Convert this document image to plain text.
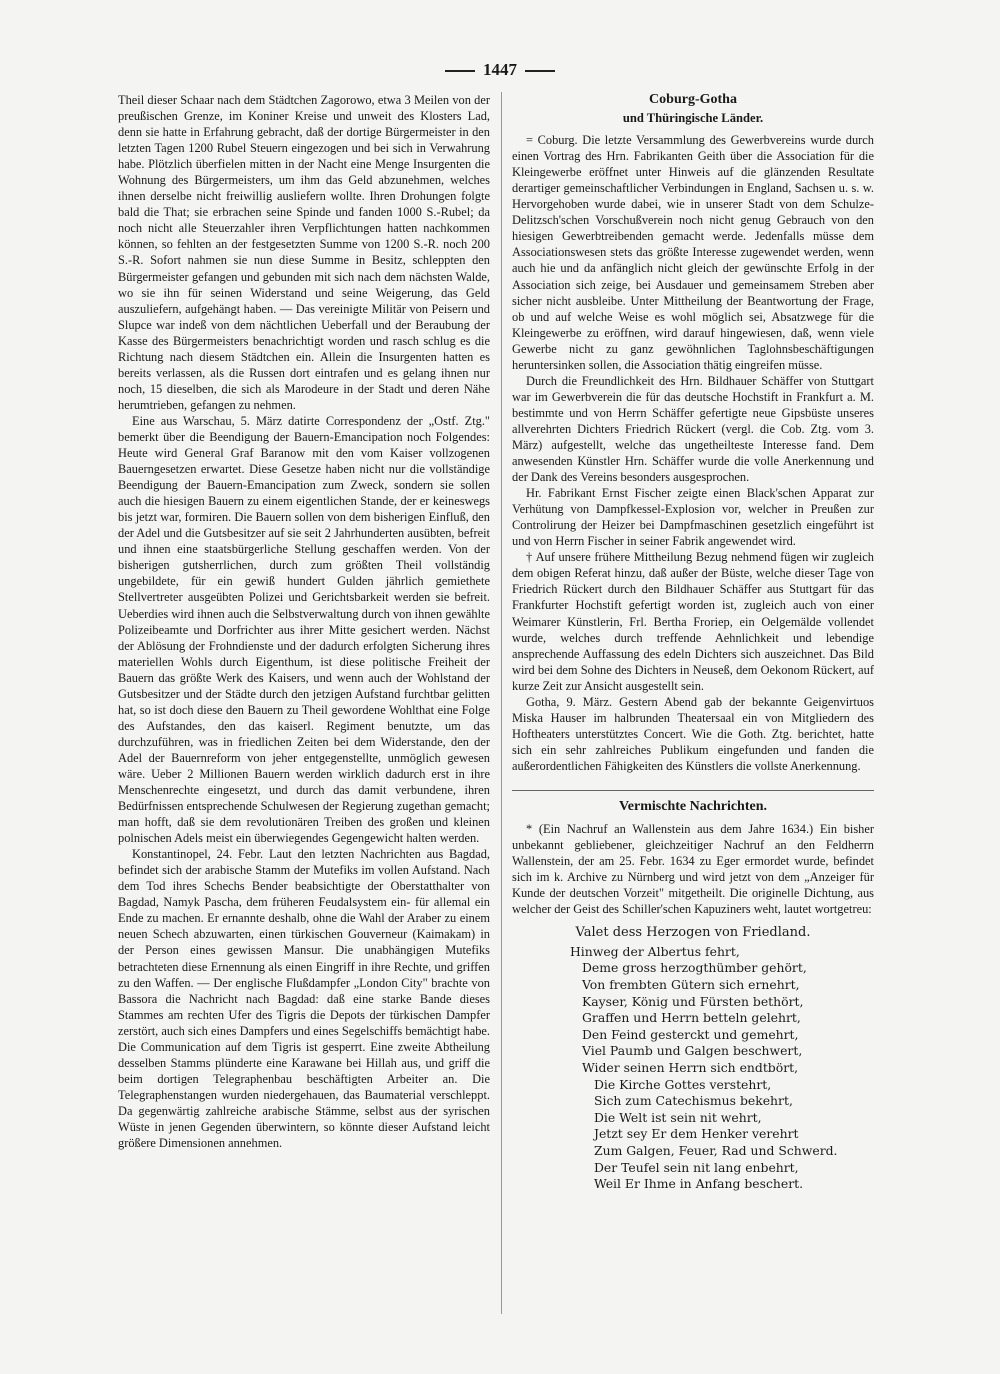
1447

Theil dieser Schaar nach dem Städtchen Zagorowo, etwa 3 Meilen von der preußischen Grenze, im Koniner Kreise und unweit des Klosters Lad, denn sie hatte in Erfahrung gebracht, daß der dortige Bürgermeister in den letzten Tagen 1200 Rubel Steuern eingezogen und bei sich in Verwahrung habe. Plötzlich überfielen mitten in der Nacht eine Menge Insurgenten die Wohnung des Bürgermeisters, um ihm das Geld abzunehmen, welches ihnen derselbe nicht freiwillig ausliefern wollte. Ihren Drohungen folgte bald die That; sie erbrachen seine Spinde und fanden 1000 S.-Rubel; da noch nicht alle Steuerzahler ihren Verpflichtungen hatten nachkommen können, so fehlten an der festgesetzten Summe von 1200 S.-R. noch 200 S.-R. Sofort nahmen sie nun diese Summe in Besitz, schleppten den Bürgermeister gefangen und gebunden mit sich nach dem nächsten Walde, wo sie ihn für seinen Widerstand und seine Weigerung, das Geld auszuliefern, aufgehängt haben. — Das vereinigte Militär von Peisern und Slupce war indeß von dem nächtlichen Ueberfall und der Beraubung der Kasse des Bürgermeisters benachrichtigt worden und rasch schlug es die Richtung nach diesem Städtchen ein. Allein die Insurgenten hatten es bereits verlassen, als die Russen dort eintrafen und es gelang ihnen nur noch, 15 dieselben, die sich als Marodeure in der Stadt und deren Nähe herumtrieben, gefangen zu nehmen.

Eine aus Warschau, 5. März datirte Correspondenz der „Ostf. Ztg." bemerkt über die Beendigung der Bauern-Emancipation noch Folgendes: Heute wird General Graf Baranow mit den vom Kaiser vollzogenen Bauerngesetzen erwartet. Diese Gesetze haben nicht nur die vollständige Beendigung der Bauern-Emancipation zum Zweck, sondern sie sollen auch die hiesigen Bauern zu einem eigentlichen Stande, der er keineswegs bis jetzt war, formiren. Die Bauern sollen von dem bisherigen Einfluß, den der Adel und die Gutsbesitzer auf sie seit 2 Jahrhunderten ausübten, befreit und ihnen eine staatsbürgerliche Stellung geschaffen werden. Von der bisherigen gutsherrlichen, durch zum größten Theil vollständig ungebildete, für ein gewiß hundert Gulden jährlich gemiethete Stellvertreter ausgeübten Polizei und Gerichtsbarkeit werden sie befreit. Ueberdies wird ihnen auch die Selbstverwaltung durch von ihnen gewählte Polizeibeamte und Dorfrichter aus ihrer Mitte gesichert werden. Nächst der Ablösung der Frohndienste und der dadurch erfolgten Sicherung ihres materiellen Wohls durch Eigenthum, ist diese politische Freiheit der Bauern das größte Werk des Kaisers, und wenn auch der Wohlstand der Gutsbesitzer und der Städte durch den jetzigen Aufstand furchtbar gelitten hat, so ist doch diese den Bauern zu Theil gewordene Wohlthat eine Folge des Aufstandes, den das kaiserl. Regiment benutzte, um das durchzuführen, was in friedlichen Zeiten bei dem Widerstande, den der Adel der Bauernreform von jeher entgegenstellte, unmöglich gewesen wäre. Ueber 2 Millionen Bauern werden wirklich dadurch erst in ihre Menschenrechte eingesetzt, und durch das damit verbundene, ihren Bedürfnissen entsprechende Schulwesen der Regierung zugethan gemacht; man hofft, daß sie dem revolutionären Treiben des großen und kleinen polnischen Adels meist ein überwiegendes Gegengewicht halten werden.

Konstantinopel, 24. Febr. Laut den letzten Nachrichten aus Bagdad, befindet sich der arabische Stamm der Mutefiks im vollen Aufstand. Nach dem Tod ihres Schechs Bender beabsichtigte der Oberstatthalter von Bagdad, Namyk Pascha, dem früheren Feudalsystem ein- für allemal ein Ende zu machen. Er ernannte deshalb, ohne die Wahl der Araber zu einem neuen Schech abzuwarten, einen türkischen Gouverneur (Kaimakam) in der Person eines gewissen Mansur. Die unabhängigen Mutefiks betrachteten diese Ernennung als einen Eingriff in ihre Rechte, und griffen zu den Waffen. — Der englische Flußdampfer „London City" brachte von Bassora die Nachricht nach Bagdad: daß eine starke Bande dieses Stammes am rechten Ufer des Tigris die Depots der türkischen Dampfer zerstört, auch sich eines Dampfers und eines Segelschiffs bemächtigt habe. Die Communication auf dem Tigris ist gesperrt. Eine zweite Abtheilung desselben Stamms plünderte eine Karawane bei Hillah aus, und griff die beim dortigen Telegraphenbau beschäftigten Arbeiter an. Die Telegraphenstangen wurden niedergehauen, das Baumaterial verschleppt. Da gegenwärtig zahlreiche arabische Stämme, selbst aus der syrischen Wüste in jenen Gegenden überwintern, so könnte dieser Aufstand leicht größere Dimensionen annehmen.

Coburg-Gotha
und Thüringische Länder.

= Coburg. Die letzte Versammlung des Gewerbvereins wurde durch einen Vortrag des Hrn. Fabrikanten Geith über die Association für die Kleingewerbe eröffnet unter Hinweis auf die glänzenden Resultate derartiger gemeinschaftlicher Verbindungen in England, Sachsen u. s. w. Hervorgehoben wurde dabei, wie in unserer Stadt von dem Schulze-Delitzsch'schen Vorschußverein noch nicht genug Gebrauch von den hiesigen Gewerbtreibenden gemacht werde. Jedenfalls müsse dem Associationswesen stets das größte Interesse zugewendet werden, wenn auch hie und da anfänglich nicht gleich der gewünschte Erfolg in der Association sich zeige, bei Ausdauer und gemeinsamem Streben aber sicher nicht ausbleibe. Unter Mittheilung der Beantwortung der Frage, ob und auf welche Weise es wohl möglich sei, Absatzwege für die Kleingewerbe zu eröffnen, wird darauf hingewiesen, daß, wenn viele Gewerbe nicht zu ganz gewöhnlichen Taglohnsbeschäftigungen heruntersinken sollen, die Association thätig eingreifen müsse.

Durch die Freundlichkeit des Hrn. Bildhauer Schäffer von Stuttgart war im Gewerbverein die für das deutsche Hochstift in Frankfurt a. M. bestimmte und von Herrn Schäffer gefertigte neue Gipsbüste unseres allverehrten Dichters Friedrich Rückert (vergl. die Cob. Ztg. vom 3. März) aufgestellt, welche das ungetheilteste Interesse fand. Dem anwesenden Künstler Hrn. Schäffer wurde die volle Anerkennung und der Dank des Vereins besonders ausgesprochen.

Hr. Fabrikant Ernst Fischer zeigte einen Black'schen Apparat zur Verhütung von Dampfkessel-Explosion vor, welcher in Preußen zur Controlirung der Heizer bei Dampfmaschinen gesetzlich eingeführt ist und von Herrn Fischer in seiner Fabrik angewendet wird.

† Auf unsere frühere Mittheilung Bezug nehmend fügen wir zugleich dem obigen Referat hinzu, daß außer der Büste, welche dieser Tage von Friedrich Rückert durch den Bildhauer Schäffer aus Stuttgart für das Frankfurter Hochstift gefertigt worden ist, zugleich auch von einer Weimarer Künstlerin, Frl. Bertha Froriep, ein Oelgemälde vollendet wurde, welches durch treffende Aehnlichkeit und lebendige ansprechende Auffassung des edeln Dichters sich auszeichnet. Das Bild wird bei dem Sohne des Dichters in Neuseß, dem Oekonom Rückert, auf kurze Zeit zur Ansicht ausgestellt sein.

Gotha, 9. März. Gestern Abend gab der bekannte Geigenvirtuos Miska Hauser im halbrunden Theatersaal ein von Mitgliedern des Hoftheaters unterstütztes Concert. Wie die Goth. Ztg. berichtet, hatte sich ein sehr zahlreiches Publikum eingefunden und fanden die außerordentlichen Fähigkeiten des Künstlers die vollste Anerkennung.

Vermischte Nachrichten.

* (Ein Nachruf an Wallenstein aus dem Jahre 1634.) Ein bisher unbekannt gebliebener, gleichzeitiger Nachruf an den Feldherrn Wallenstein, der am 25. Febr. 1634 zu Eger ermordet wurde, befindet sich im k. Archive zu Nürnberg und wird jetzt von dem „Anzeiger für Kunde der deutschen Vorzeit" mitgetheilt. Die originelle Dichtung, aus welcher der Geist des Schiller'schen Kapuziners weht, lautet wortgetreu:

Valet dess Herzogen von Friedland.
Hinweg der Albertus fehrt,
Deme gross herzogthümber gehört,
Von frembten Gütern sich ernehrt,
Kayser, König und Fürsten bethört,
Graffen und Herrn betteln gelehrt,
Den Feind gesterckt und gemehrt,
Viel Paumb und Galgen beschwert,
Wider seinen Herrn sich endtbört,
Die Kirche Gottes verstehrt,
Sich zum Catechismus bekehrt,
Die Welt ist sein nit wehrt,
Jetzt sey Er dem Henker verehrt
Zum Galgen, Feuer, Rad und Schwerd.
Der Teufel sein nit lang enbehrt,
Weil Er Ihme in Anfang beschert.
